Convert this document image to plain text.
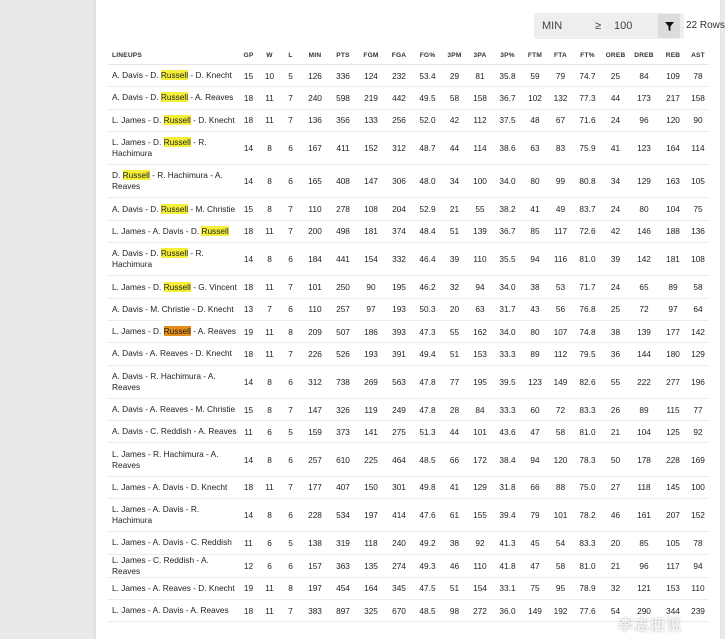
MIN	≥	100	22 Rows
LINEUPS	GP	W	L	MIN	PTS	FGM	FGA	FG%	3PM	3PA	3P%	FTM	FTA	FT%	OREB	DREB	REB	AST
A. Davis - D. Russell - D. Knecht	15	10	5	126	336	124	232	53.4	29	81	35.8	59	79	74.7	25	84	109	78
A. Davis - D. Russell - A. Reaves	18	11	7	240	598	219	442	49.5	58	158	36.7	102	132	77.3	44	173	217	158
L. James - D. Russell - D. Knecht	18	11	7	136	356	133	256	52.0	42	112	37.5	48	67	71.6	24	96	120	90
L. James - D. Russell - R. Hachimura	14	8	6	167	411	152	312	48.7	44	114	38.6	63	83	75.9	41	123	164	114
D. Russell - R. Hachimura - A. Reaves	14	8	6	165	408	147	306	48.0	34	100	34.0	80	99	80.8	34	129	163	105
A. Davis - D. Russell - M. Christie	15	8	7	110	278	108	204	52.9	21	55	38.2	41	49	83.7	24	80	104	75
L. James - A. Davis - D. Russell	18	11	7	200	498	181	374	48.4	51	139	36.7	85	117	72.6	42	146	188	136
A. Davis - D. Russell - R. Hachimura	14	8	6	184	441	154	332	46.4	39	110	35.5	94	116	81.0	39	142	181	108
L. James - D. Russell - G. Vincent	18	11	7	101	250	90	195	46.2	32	94	34.0	38	53	71.7	24	65	89	58
A. Davis - M. Christie - D. Knecht	13	7	6	110	257	97	193	50.3	20	63	31.7	43	56	76.8	25	72	97	64
L. James - D. Russell - A. Reaves	19	11	8	209	507	186	393	47.3	55	162	34.0	80	107	74.8	38	139	177	142
A. Davis - A. Reaves - D. Knecht	18	11	7	226	526	193	391	49.4	51	153	33.3	89	112	79.5	36	144	180	129
A. Davis - R. Hachimura - A. Reaves	14	8	6	312	738	269	563	47.8	77	195	39.5	123	149	82.6	55	222	277	196
A. Davis - A. Reaves - M. Christie	15	8	7	147	326	119	249	47.8	28	84	33.3	60	72	83.3	26	89	115	77
A. Davis - C. Reddish - A. Reaves	11	6	5	159	373	141	275	51.3	44	101	43.6	47	58	81.0	21	104	125	92
L. James - R. Hachimura - A. Reaves	14	8	6	257	610	225	464	48.5	66	172	38.4	94	120	78.3	50	178	228	169
L. James - A. Davis - D. Knecht	18	11	7	177	407	150	301	49.8	41	129	31.8	66	88	75.0	27	118	145	100
L. James - A. Davis - R. Hachimura	14	8	6	228	534	197	414	47.6	61	155	39.4	79	101	78.2	46	161	207	152
L. James - A. Davis - C. Reddish	11	6	5	138	319	118	240	49.2	38	92	41.3	45	54	83.3	20	85	105	78
L. James - C. Reddish - A. Reaves	12	6	6	157	363	135	274	49.3	46	110	41.8	47	58	81.0	21	96	117	94
L. James - A. Reaves - D. Knecht	19	11	8	197	454	164	345	47.5	51	154	33.1	75	95	78.9	32	121	153	110
L. James - A. Davis - A. Reaves	18	11	7	383	897	325	670	48.5	98	272	36.0	149	192	77.6	54	290	344	239
李志西说
